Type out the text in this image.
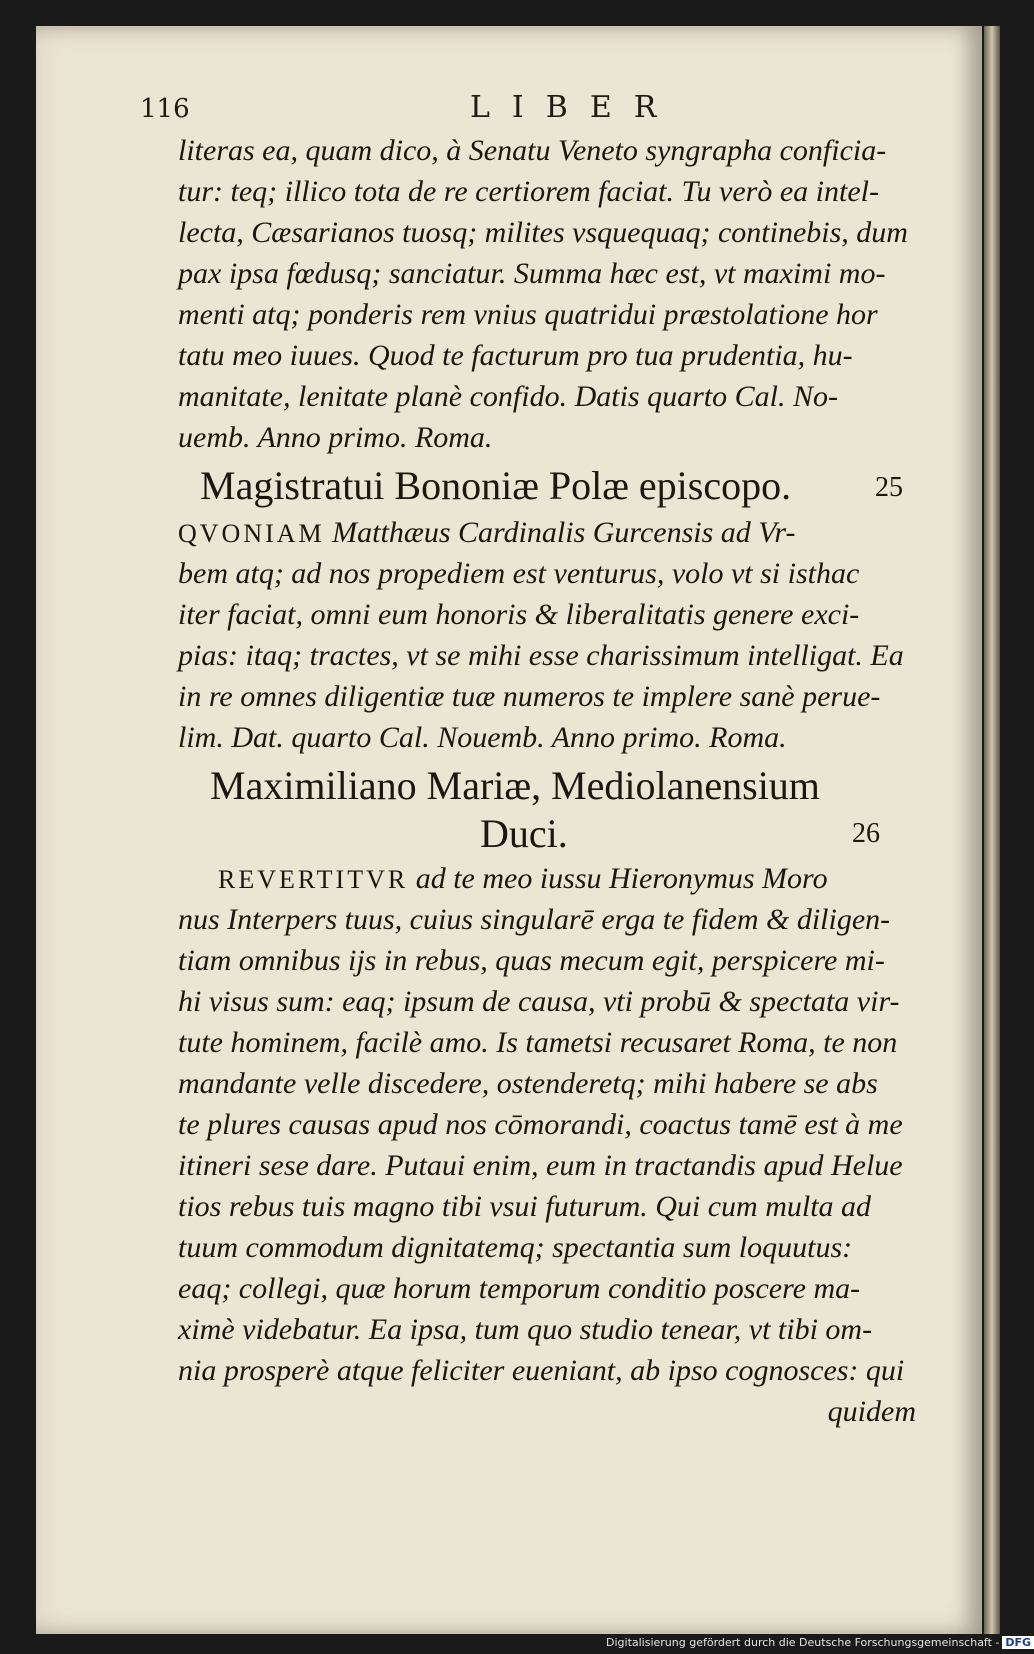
116	LIBER
literas ea, quam dico, à Senatu Veneto syngrapha conficia-
tur: teq; illico tota de re certiorem faciat. Tu verò ea intel-
lecta, Cæsarianos tuosq; milites vsquequaq; continebis, dum
pax ipsa fœdusq; sanciatur. Summa hæc est, vt maximi mo-
menti atq; ponderis rem vnius quatridui præstolatione hor
tatu meo iuues. Quod te facturum pro tua prudentia, hu-
manitate, lenitate planè confido. Datis quarto Cal. No-
uemb. Anno primo. Roma.
Magistratui Bononiæ Polæ episcopo.	25
QVONIAM Matthæus Cardinalis Gurcensis ad Vr-
bem atq; ad nos propediem est venturus, volo vt si isthac
iter faciat, omni eum honoris & liberalitatis genere exci-
pias: itaq; tractes, vt se mihi esse charissimum intelligat. Ea
in re omnes diligentiæ tuæ numeros te implere sanè perue-
lim. Dat. quarto Cal. Nouemb. Anno primo. Roma.
Maximiliano Mariæ, Mediolanensium
Duci.	26
REVERTITVR ad te meo iussu Hieronymus Moro
nus Interpers tuus, cuius singularē erga te fidem & diligen-
tiam omnibus ijs in rebus, quas mecum egit, perspicere mi-
hi visus sum: eaq; ipsum de causa, vti probū & spectata vir-
tute hominem, facilè amo. Is tametsi recusaret Roma, te non
mandante velle discedere, ostenderetq; mihi habere se abs
te plures causas apud nos cōmorandi, coactus tamē est à me
itineri sese dare. Putaui enim, eum in tractandis apud Helue
tios rebus tuis magno tibi vsui futurum. Qui cum multa ad
tuum commodum dignitatemq; spectantia sum loquutus:
eaq; collegi, quæ horum temporum conditio poscere ma-
ximè videbatur. Ea ipsa, tum quo studio tenear, vt tibi om-
nia prosperè atque feliciter eueniant, ab ipso cognosces: qui
quidem
Digitalisierung gefördert durch die Deutsche Forschungsgemeinschaft - DFG
